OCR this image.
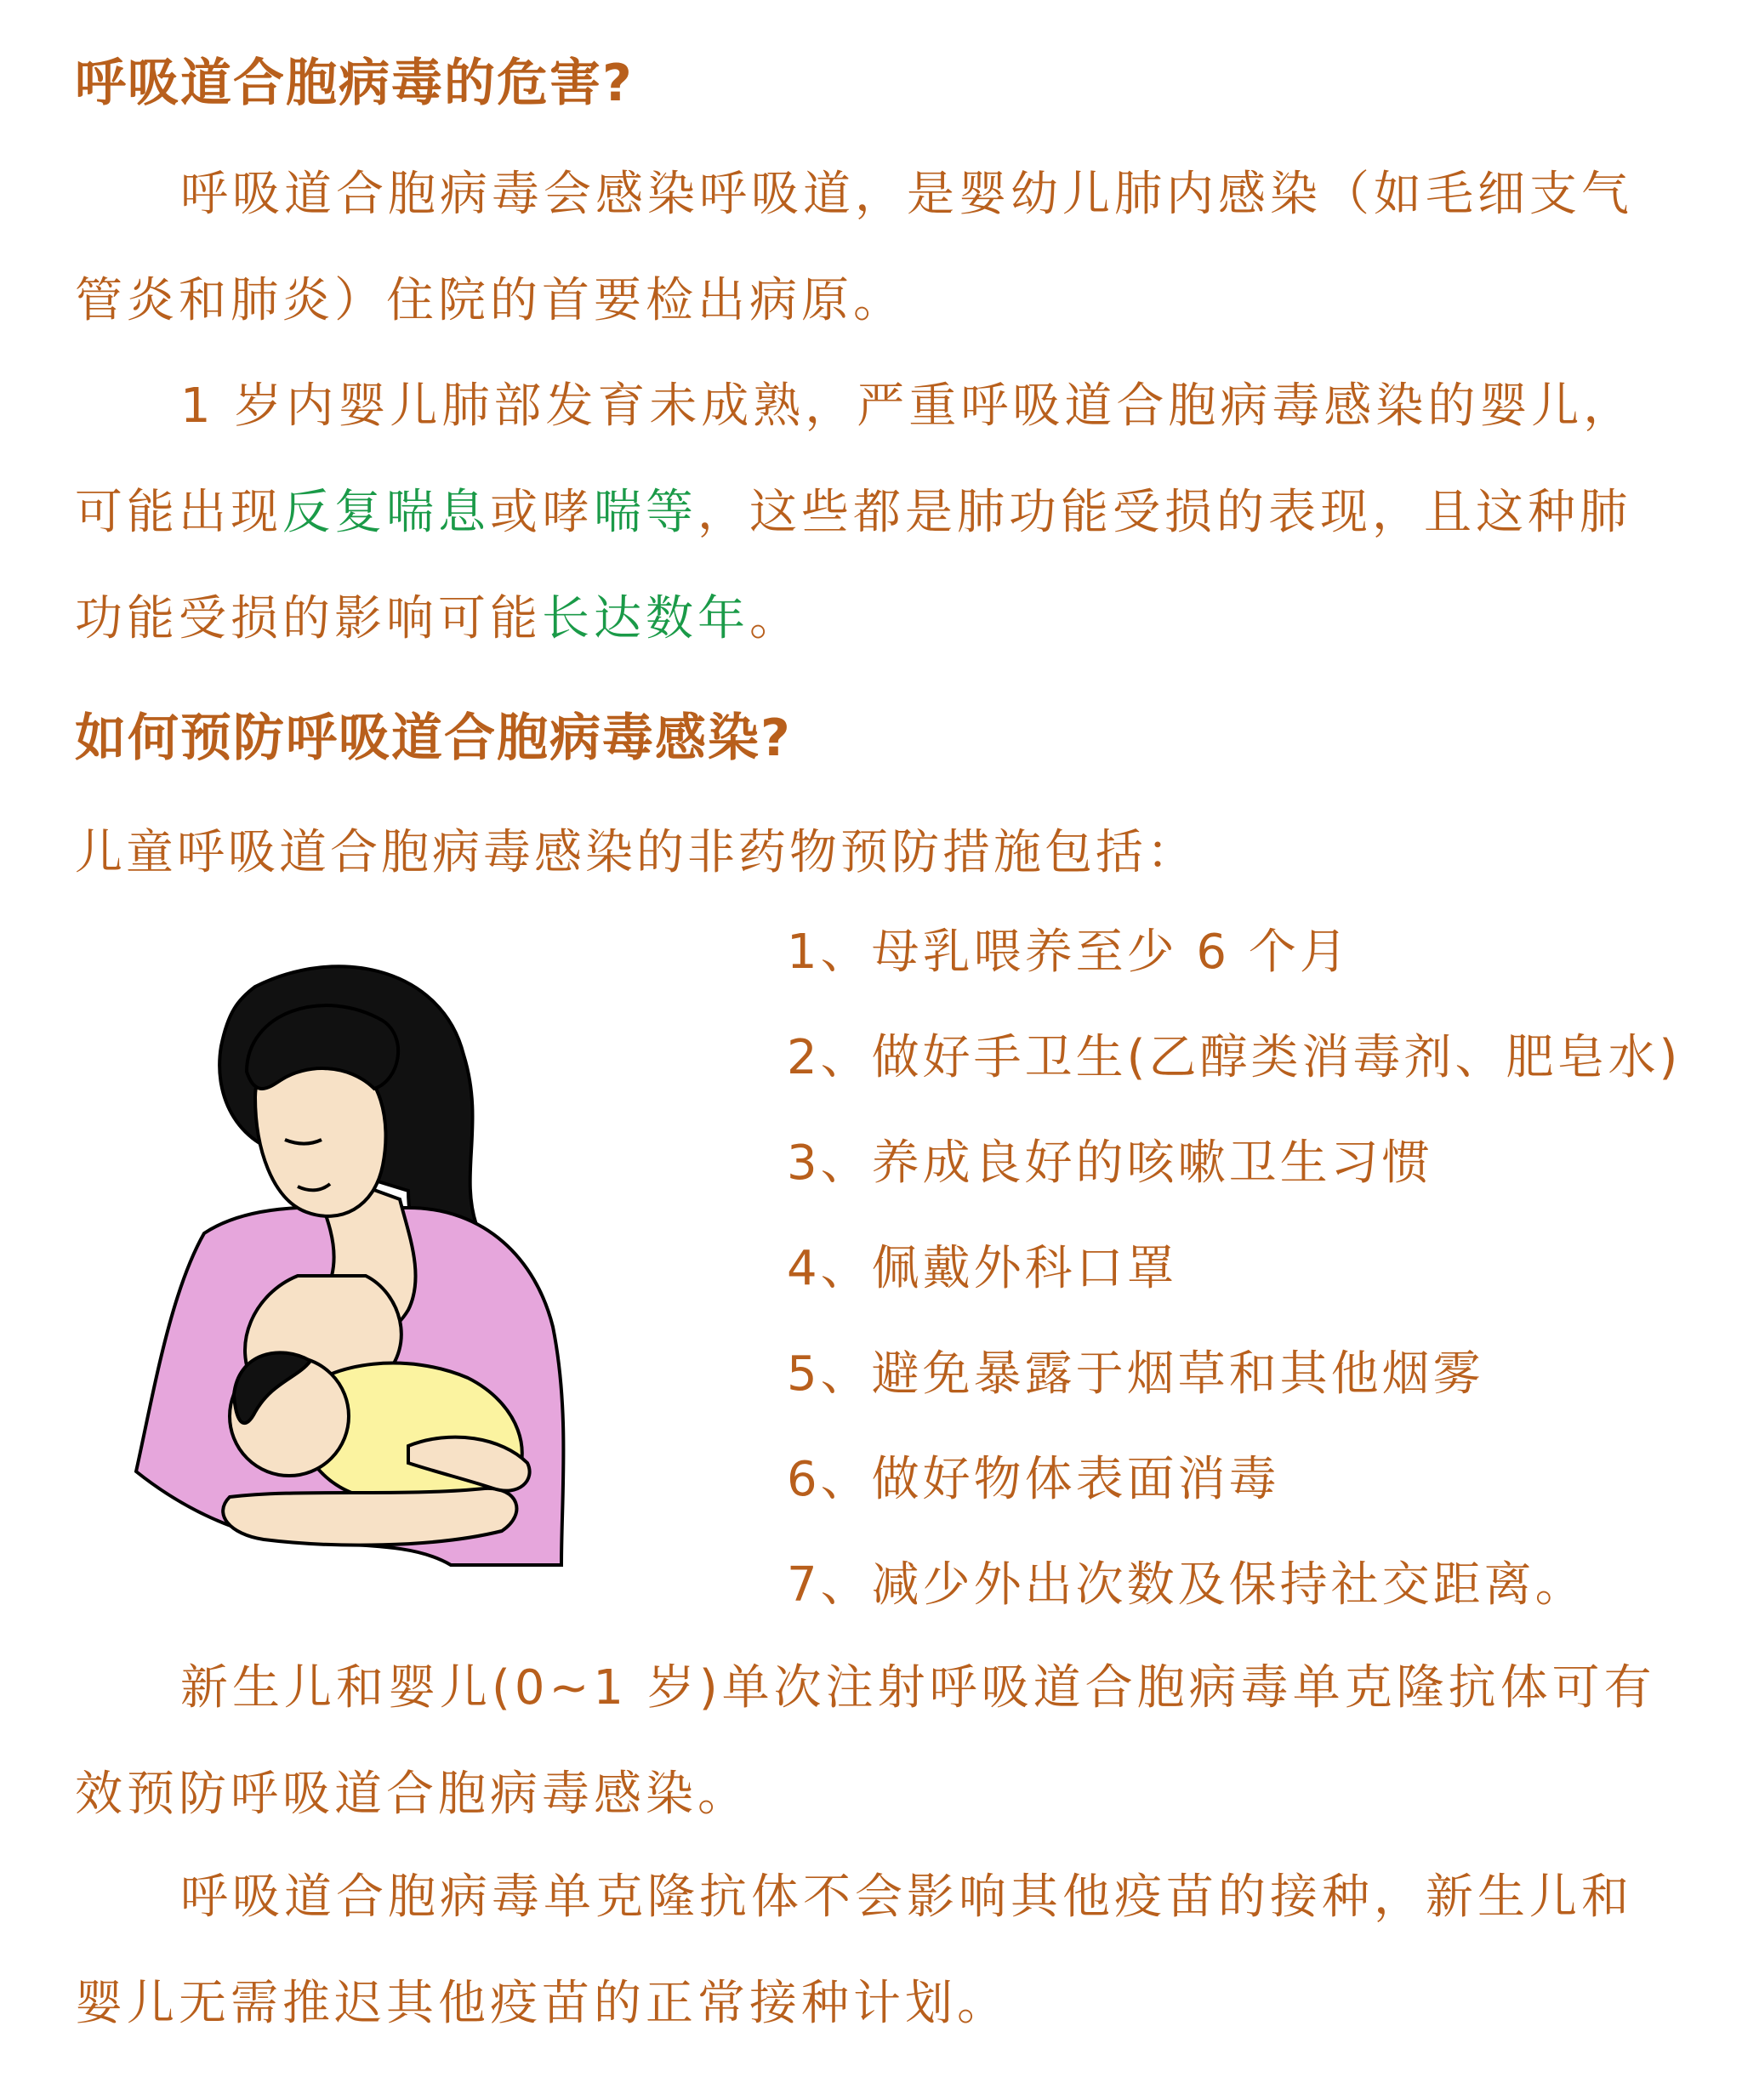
呼吸道合胞病毒的危害?
呼吸道合胞病毒会感染呼吸道，是婴幼儿肺内感染（如毛细支气管炎和肺炎）住院的首要检出病原。
1 岁内婴儿肺部发育未成熟，严重呼吸道合胞病毒感染的婴儿，可能出现反复喘息或哮喘等，这些都是肺功能受损的表现，且这种肺功能受损的影响可能长达数年。
如何预防呼吸道合胞病毒感染?
儿童呼吸道合胞病毒感染的非药物预防措施包括：
1、母乳喂养至少 6 个月
2、做好手卫生(乙醇类消毒剂、肥皂水)
3、养成良好的咳嗽卫生习惯
4、佩戴外科口罩
5、避免暴露于烟草和其他烟雾
6、做好物体表面消毒
7、减少外出次数及保持社交距离。
新生儿和婴儿(0~1 岁)单次注射呼吸道合胞病毒单克隆抗体可有效预防呼吸道合胞病毒感染。
呼吸道合胞病毒单克隆抗体不会影响其他疫苗的接种，新生儿和婴儿无需推迟其他疫苗的正常接种计划。
